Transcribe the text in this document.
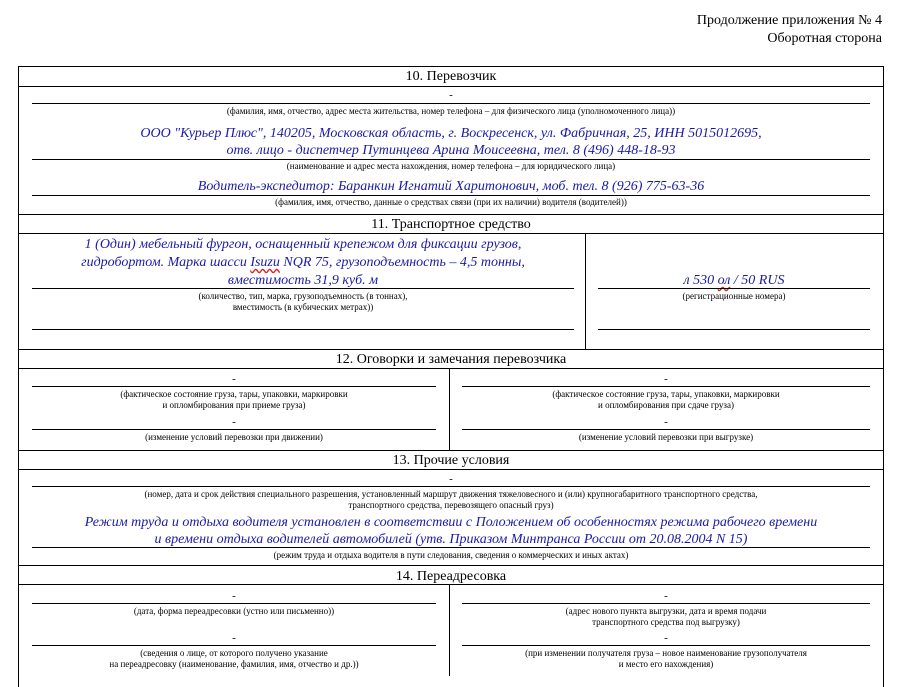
Продолжение приложения № 4
Оборотная сторона
10. Перевозчик
-
(фамилия, имя, отчество, адрес места жительства, номер телефона – для физического лица (уполномоченного лица))
ООО "Курьер Плюс", 140205, Московская область, г. Воскресенск, ул. Фабричная, 25, ИНН 5015012695,
отв. лицо - диспетчер Путинцева Арина Моисеевна, тел. 8 (496) 448-18-93
(наименование и адрес места нахождения, номер телефона – для юридического лица)
Водитель-экспедитор: Баранкин Игнатий Харитонович, моб. тел. 8 (926) 775-63-36
(фамилия, имя, отчество, данные о средствах связи (при их наличии) водителя (водителей))
11. Транспортное средство
1 (Один) мебельный фургон, оснащенный крепежом для фиксации грузов,
гидробортом. Марка шасси Isuzu NQR 75, грузоподъемность – 4,5 тонны,
вместимость 31,9 куб. м
(количество, тип, марка, грузоподъемность (в тоннах),
вместимость (в кубических метрах))
л 530 ол / 50 RUS
(регистрационные номера)
12. Оговорки и замечания перевозчика
-
(фактическое состояние груза, тары, упаковки, маркировки
и опломбирования при приеме груза)
-
(изменение условий перевозки при движении)
-
(фактическое состояние груза, тары, упаковки, маркировки
и опломбирования при сдаче груза)
-
(изменение условий перевозки при выгрузке)
13. Прочие условия
-
(номер, дата и срок действия специального разрешения, установленный маршрут движения тяжеловесного и (или) крупногабаритного транспортного средства,
транспортного средства, перевозящего опасный груз)
Режим труда и отдыха водителя установлен в соответствии с Положением об особенностях режима рабочего времени
и времени отдыха водителей автомобилей (утв. Приказом Минтранса России от 20.08.2004 N 15)
(режим труда и отдыха водителя в пути следования, сведения о коммерческих и иных актах)
14. Переадресовка
-
(дата, форма переадресовки (устно или письменно))
-
(сведения о лице, от которого получено указание
на переадресовку (наименование, фамилия, имя, отчество и др.))
-
(адрес нового пункта выгрузки, дата и время подачи
транспортного средства под выгрузку)
-
(при изменении получателя груза – новое наименование грузополучателя
и место его нахождения)
